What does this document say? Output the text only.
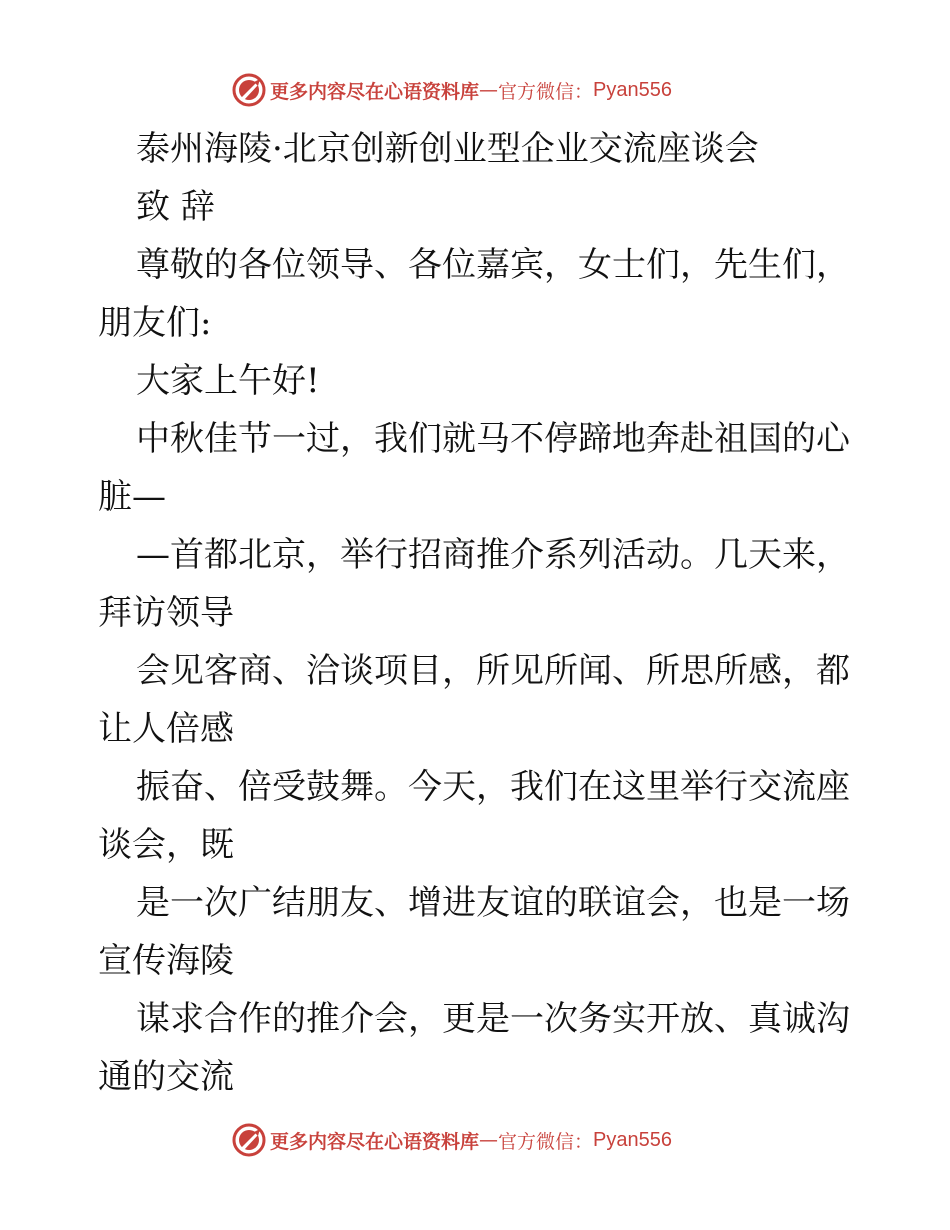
更多内容尽在心语资料库 — 官方微信： Pyan556
泰州海陵·北京创新创业型企业交流座谈会
致 辞
尊敬的各位领导、各位嘉宾，女士们，先生们，
朋友们:
大家上午好!
中秋佳节一过，我们就马不停蹄地奔赴祖国的心
脏—
—首都北京，举行招商推介系列活动。几天来，
拜访领导
会见客商、洽谈项目，所见所闻、所思所感，都
让人倍感
振奋、倍受鼓舞。今天，我们在这里举行交流座
谈会，既
是一次广结朋友、增进友谊的联谊会，也是一场
宣传海陵
谋求合作的推介会，更是一次务实开放、真诚沟
通的交流
更多内容尽在心语资料库 — 官方微信： Pyan556
